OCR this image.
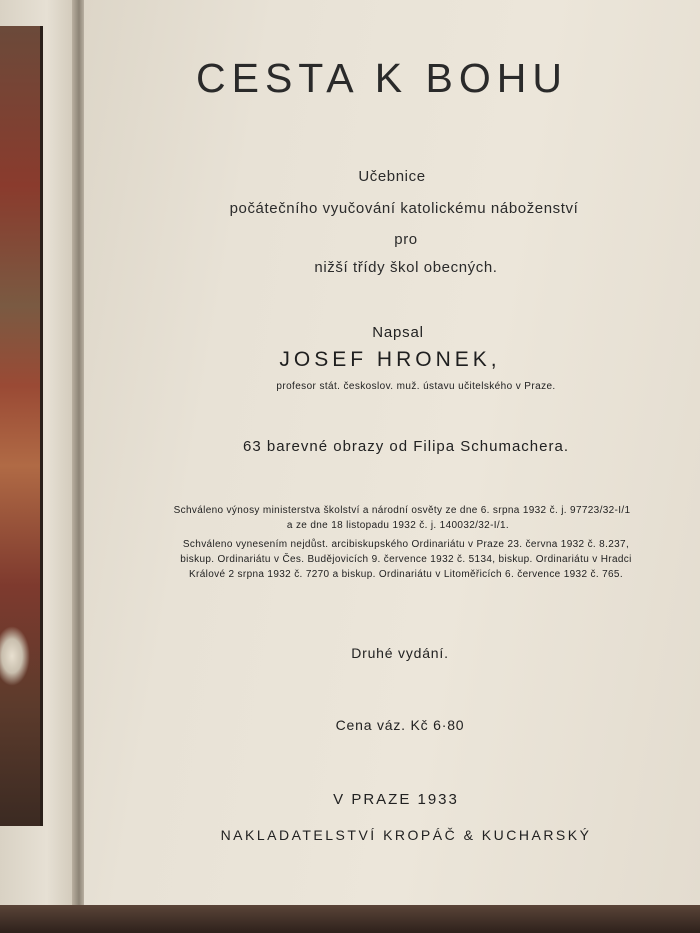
CESTA K BOHU

Učebnice

počátečního vyučování katolickému náboženství

pro

nižší třídy škol obecných.

Napsal

JOSEF HRONEK,

profesor stát. českoslov. muž. ústavu učitelského v Praze.

63 barevné obrazy od Filipa Schumachera.

Schváleno výnosy ministerstva školství a národní osvěty ze dne 6. srpna 1932 č. j. 97723/32-I/1

a ze dne 18 listopadu 1932 č. j. 140032/32-I/1.

Schváleno vynesením nejdůst. arcibiskupského Ordinariátu v Praze 23. června 1932 č. 8.237,

biskup. Ordinariátu v Čes. Budějovicích 9. července 1932 č. 5134, biskup. Ordinariátu v Hradci

Králové 2 srpna 1932 č. 7270 a biskup. Ordinariátu v Litoměřicích 6. července 1932 č. 765.

Druhé vydání.

Cena váz. Kč 6·80

V PRAZE 1933

NAKLADATELSTVÍ KROPÁČ & KUCHARSKÝ
